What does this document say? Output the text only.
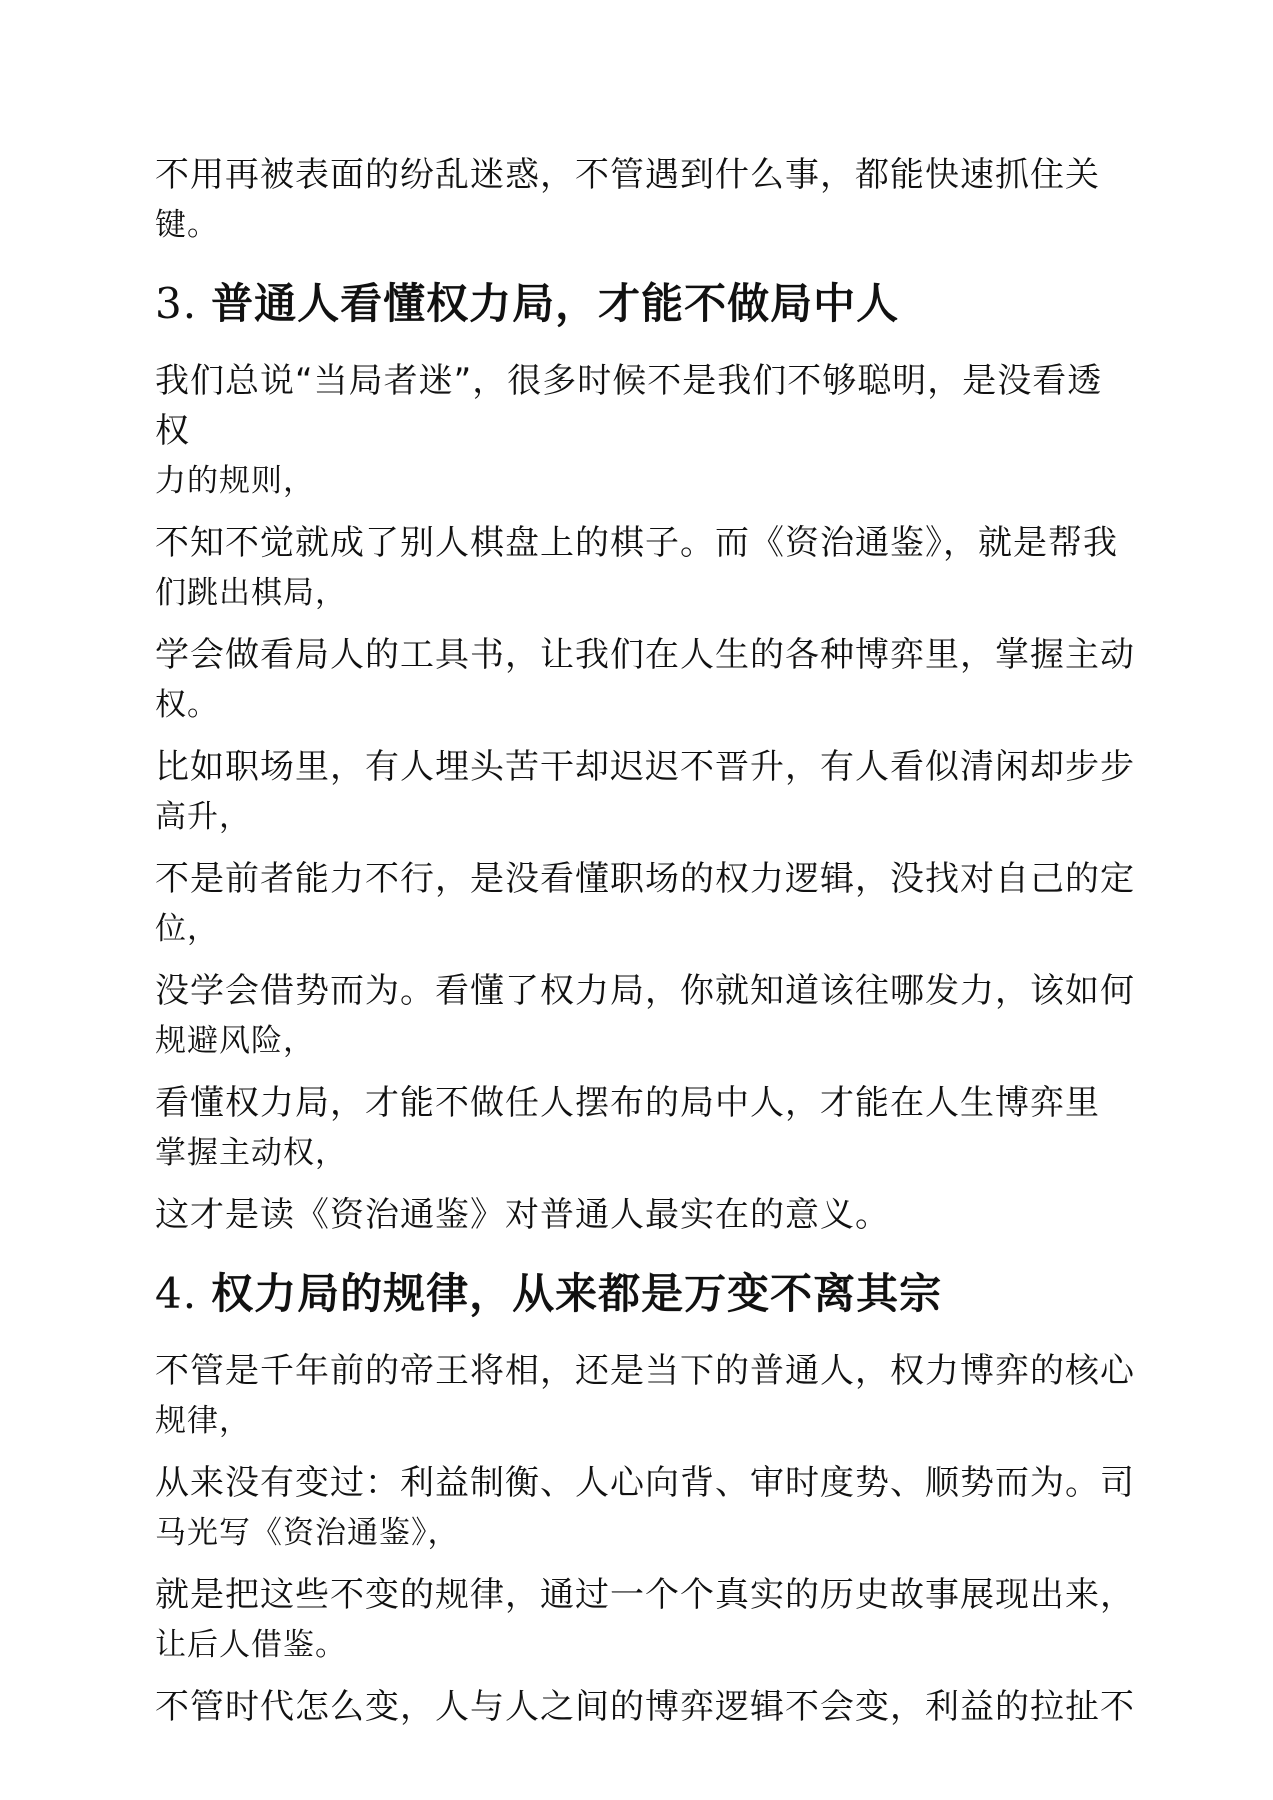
不用再被表面的纷乱迷惑，不管遇到什么事，都能快速抓住关
键。
3. 普通人看懂权力局，才能不做局中人
我们总说“当局者迷”，很多时候不是我们不够聪明，是没看透权
力的规则，
不知不觉就成了别人棋盘上的棋子。而《资治通鉴》，就是帮我
们跳出棋局，
学会做看局人的工具书，让我们在人生的各种博弈里，掌握主动
权。
比如职场里，有人埋头苦干却迟迟不晋升，有人看似清闲却步步
高升，
不是前者能力不行，是没看懂职场的权力逻辑，没找对自己的定
位，
没学会借势而为。看懂了权力局，你就知道该往哪发力，该如何
规避风险，
看懂权力局，才能不做任人摆布的局中人，才能在人生博弈里
掌握主动权，
这才是读《资治通鉴》对普通人最实在的意义。
4. 权力局的规律，从来都是万变不离其宗
不管是千年前的帝王将相，还是当下的普通人，权力博弈的核心
规律，
从来没有变过：利益制衡、人心向背、审时度势、顺势而为。司
马光写《资治通鉴》，
就是把这些不变的规律，通过一个个真实的历史故事展现出来，
让后人借鉴。
不管时代怎么变，人与人之间的博弈逻辑不会变，利益的拉扯不
